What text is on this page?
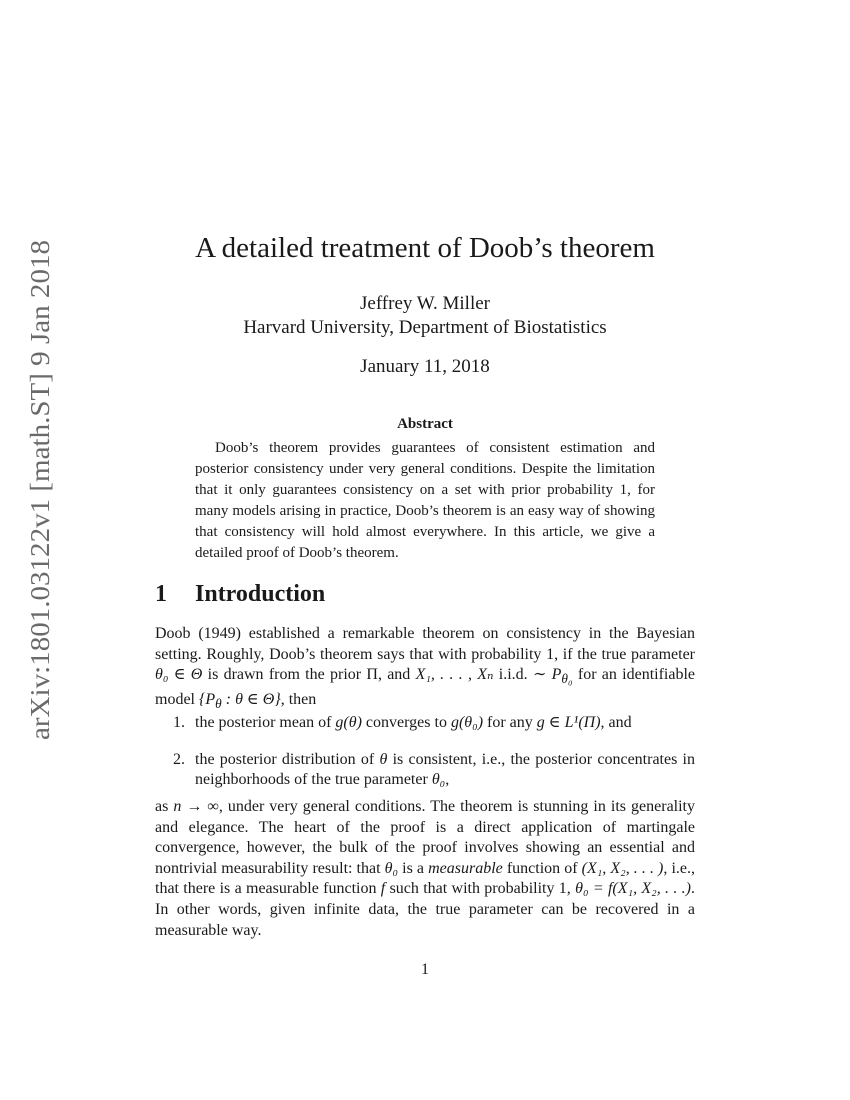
arXiv:1801.03122v1 [math.ST] 9 Jan 2018
A detailed treatment of Doob’s theorem
Jeffrey W. Miller
Harvard University, Department of Biostatistics
January 11, 2018
Abstract

Doob’s theorem provides guarantees of consistent estimation and posterior consistency under very general conditions. Despite the limitation that it only guarantees consistency on a set with prior probability 1, for many models arising in practice, Doob’s theorem is an easy way of showing that consistency will hold almost everywhere. In this article, we give a detailed proof of Doob’s theorem.

1 Introduction

Doob (1949) established a remarkable theorem on consistency in the Bayesian setting. Roughly, Doob’s theorem says that with probability 1, if the true parameter θ₀ ∈ Θ is drawn from the prior Π, and X₁, . . . , Xₙ i.i.d. ∼ $P_{\theta_0}$ for an identifiable model {$P_\theta$ : θ ∈ Θ}, then

1. the posterior mean of g(θ) converges to g(θ₀) for any g ∈ L¹(Π), and
2. the posterior distribution of θ is consistent, i.e., the posterior concentrates in neighborhoods of the true parameter θ₀,

as n → ∞, under very general conditions. The theorem is stunning in its generality and elegance. The heart of the proof is a direct application of martingale convergence, however, the bulk of the proof involves showing an essential and nontrivial measurability result: that θ₀ is a measurable function of (X₁, X₂, . . . ), i.e., that there is a measurable function f such that with probability 1, θ₀ = f(X₁, X₂, . . .). In other words, given infinite data, the true parameter can be recovered in a measurable way.

1
